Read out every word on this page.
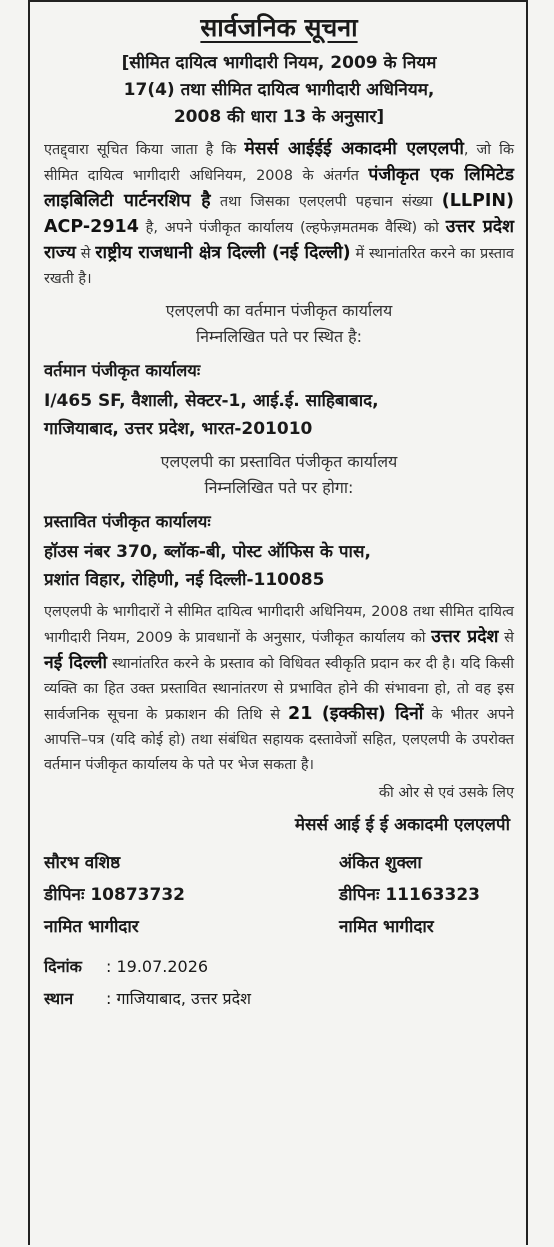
सार्वजनिक सूचना
[सीमित दायित्व भागीदारी नियम, 2009 के नियम
17(4) तथा सीमित दायित्व भागीदारी अधिनियम,
2008 की धारा 13 के अनुसार]
एतद्द्वारा सूचित किया जाता है कि मेसर्स आईईई अकादमी एलएलपी, जो कि सीमित दायित्व भागीदारी अधिनियम, 2008 के अंतर्गत पंजीकृत एक लिमिटेड लाइबिलिटी पार्टनरशिप है तथा जिसका एलएलपी पहचान संख्या (LLPIN) ACP-2914 है, अपने पंजीकृत कार्यालय (ल्हफेज़मतमक वैस्थि) को उत्तर प्रदेश राज्य से राष्ट्रीय राजधानी क्षेत्र दिल्ली (नई दिल्ली) में स्थानांतरित करने का प्रस्ताव रखती है।
एलएलपी का वर्तमान पंजीकृत कार्यालय
निम्नलिखित पते पर स्थित है:
वर्तमान पंजीकृत कार्यालयः
I/465 SF, वैशाली, सेक्टर-1, आई.ई. साहिबाबाद,
गाजियाबाद, उत्तर प्रदेश, भारत-201010
एलएलपी का प्रस्तावित पंजीकृत कार्यालय
निम्नलिखित पते पर होगा:
प्रस्तावित पंजीकृत कार्यालयः
हॉउस नंबर 370, ब्लॉक-बी, पोस्ट ऑफिस के पास,
प्रशांत विहार, रोहिणी, नई दिल्ली-110085
एलएलपी के भागीदारों ने सीमित दायित्व भागीदारी अधिनियम, 2008 तथा सीमित दायित्व भागीदारी नियम, 2009 के प्रावधानों के अनुसार, पंजीकृत कार्यालय को उत्तर प्रदेश से नई दिल्ली स्थानांतरित करने के प्रस्ताव को विधिवत स्वीकृति प्रदान कर दी है। यदि किसी व्यक्ति का हित उक्त प्रस्तावित स्थानांतरण से प्रभावित होने की संभावना हो, तो वह इस सार्वजनिक सूचना के प्रकाशन की तिथि से 21 (इक्कीस) दिनों के भीतर अपने आपत्ति–पत्र (यदि कोई हो) तथा संबंधित सहायक दस्तावेजों सहित, एलएलपी के उपरोक्त वर्तमान पंजीकृत कार्यालय के पते पर भेज सकता है।
की ओर से एवं उसके लिए
मेसर्स आई ई ई अकादमी एलएलपी
सौरभ वशिष्ठ
डीपिनः 10873732
नामित भागीदार
अंकित शुक्ला
डीपिनः 11163323
नामित भागीदार
दिनांक : 19.07.2026
स्थान : गाजियाबाद, उत्तर प्रदेश
